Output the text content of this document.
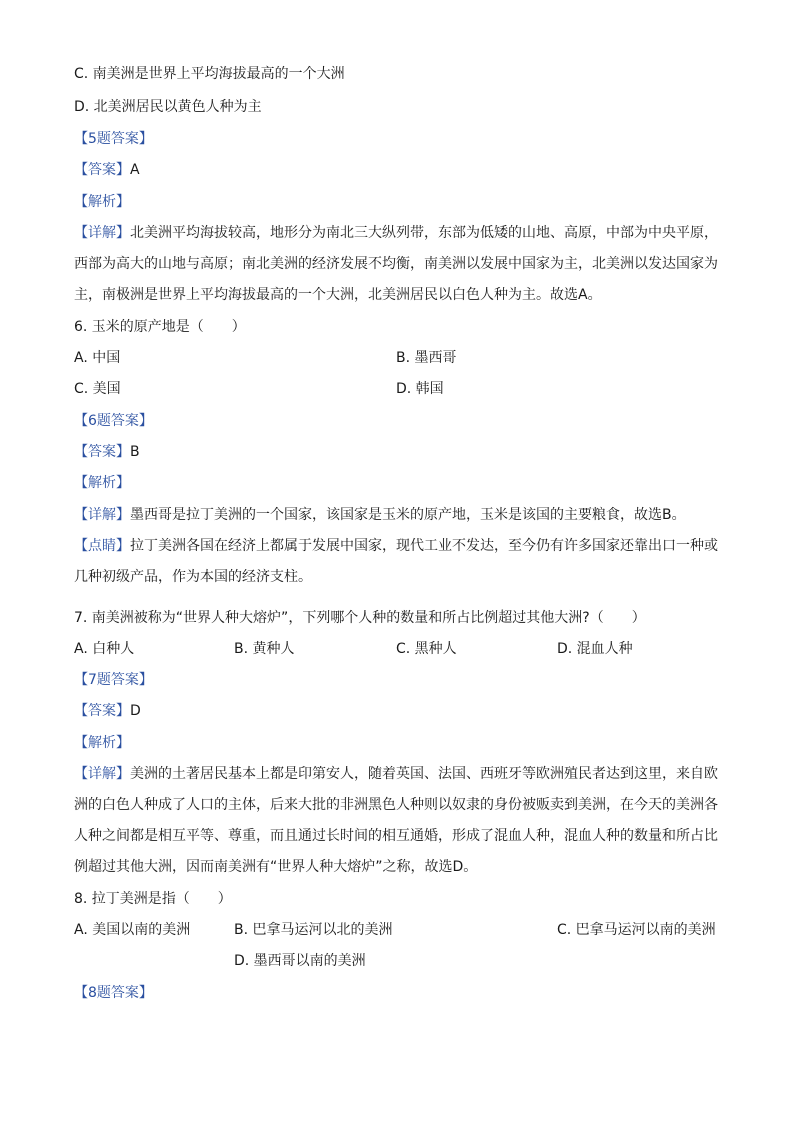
C. 南美洲是世界上平均海拔最高的一个大洲
D. 北美洲居民以黄色人种为主
【5题答案】
【答案】A
【解析】
【详解】北美洲平均海拔较高，地形分为南北三大纵列带，东部为低矮的山地、高原，中部为中央平原，
西部为高大的山地与高原；南北美洲的经济发展不均衡，南美洲以发展中国家为主，北美洲以发达国家为
主，南极洲是世界上平均海拔最高的一个大洲，北美洲居民以白色人种为主。故选A。
6. 玉米的原产地是（　　）
A. 中国	B. 墨西哥
C. 美国	D. 韩国
【6题答案】
【答案】B
【解析】
【详解】墨西哥是拉丁美洲的一个国家，该国家是玉米的原产地，玉米是该国的主要粮食，故选B。
【点睛】拉丁美洲各国在经济上都属于发展中国家，现代工业不发达，至今仍有许多国家还靠出口一种或
几种初级产品，作为本国的经济支柱。
7. 南美洲被称为“世界人种大熔炉”，下列哪个人种的数量和所占比例超过其他大洲?（　　）
A. 白种人	B. 黄种人	C. 黑种人	D. 混血人种
【7题答案】
【答案】D
【解析】
【详解】美洲的土著居民基本上都是印第安人，随着英国、法国、西班牙等欧洲殖民者达到这里，来自欧
洲的白色人种成了人口的主体，后来大批的非洲黑色人种则以奴隶的身份被贩卖到美洲，在今天的美洲各
人种之间都是相互平等、尊重，而且通过长时间的相互通婚，形成了混血人种，混血人种的数量和所占比
例超过其他大洲，因而南美洲有“世界人种大熔炉”之称，故选D。
8. 拉丁美洲是指（　　）
A. 美国以南的美洲	B. 巴拿马运河以北的美洲	C. 巴拿马运河以南的美洲
D. 墨西哥以南的美洲
【8题答案】
